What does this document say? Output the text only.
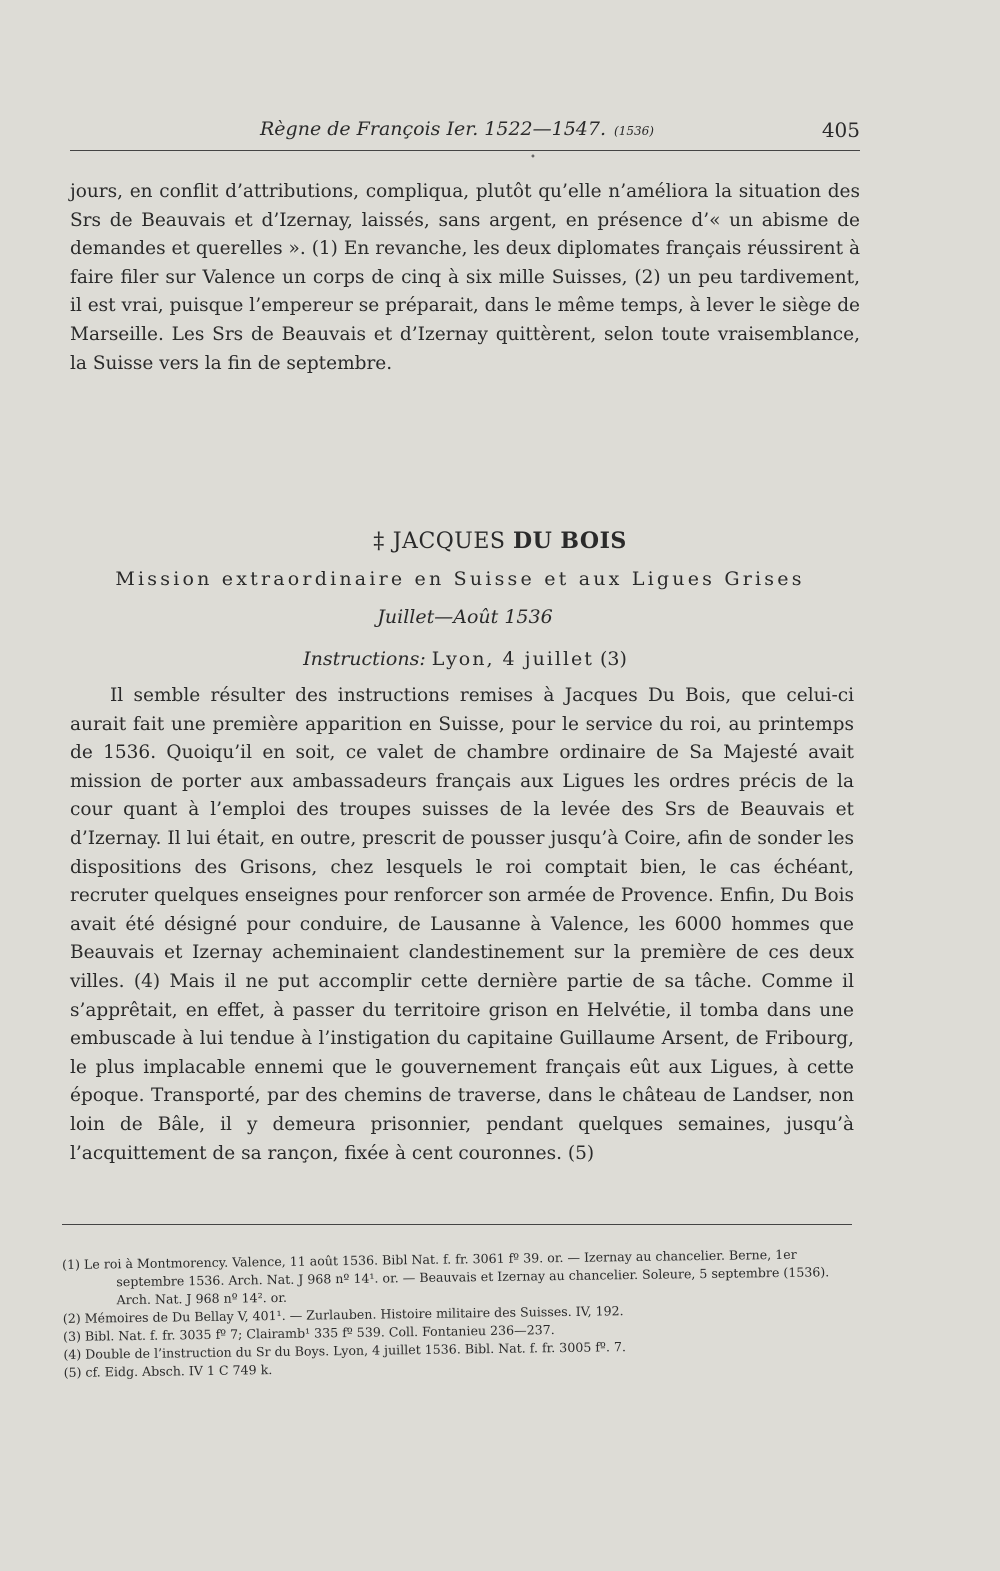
Règne de François Ier. 1522—1547. (1536)	405
•
jours, en conflit d’attributions, compliqua, plutôt qu’elle n’améliora la situation des Srs de Beauvais et d’Izernay, laissés, sans argent, en présence d’« un abisme de demandes et querelles ». (1) En revanche, les deux diplomates français réussirent à faire filer sur Valence un corps de cinq à six mille Suisses, (2) un peu tardivement, il est vrai, puisque l’empereur se préparait, dans le même temps, à lever le siège de Marseille. Les Srs de Beauvais et d’Izernay quittèrent, selon toute vraisemblance, la Suisse vers la fin de septembre.
‡ JACQUES DU BOIS
Mission extraordinaire en Suisse et aux Ligues Grises
Juillet—Août 1536
Instructions: Lyon, 4 juillet (3)
Il semble résulter des instructions remises à Jacques Du Bois, que celui-ci aurait fait une première apparition en Suisse, pour le service du roi, au printemps de 1536. Quoiqu’il en soit, ce valet de chambre ordinaire de Sa Majesté avait mission de porter aux ambassadeurs français aux Ligues les ordres précis de la cour quant à l’emploi des troupes suisses de la levée des Srs de Beauvais et d’Izernay. Il lui était, en outre, prescrit de pousser jusqu’à Coire, afin de sonder les dispositions des Grisons, chez lesquels le roi comptait bien, le cas échéant, recruter quelques enseignes pour renforcer son armée de Provence. Enfin, Du Bois avait été désigné pour conduire, de Lausanne à Valence, les 6000 hommes que Beauvais et Izernay acheminaient clandestinement sur la première de ces deux villes. (4) Mais il ne put accomplir cette dernière partie de sa tâche. Comme il s’apprêtait, en effet, à passer du territoire grison en Helvétie, il tomba dans une embuscade à lui tendue à l’instigation du capitaine Guillaume Arsent, de Fribourg, le plus implacable ennemi que le gouvernement français eût aux Ligues, à cette époque. Transporté, par des chemins de traverse, dans le château de Landser, non loin de Bâle, il y demeura prisonnier, pendant quelques semaines, jusqu’à l’acquittement de sa rançon, fixée à cent couronnes. (5)

(1) Le roi à Montmorency. Valence, 11 août 1536. Bibl Nat. f. fr. 3061 fº 39. or. — Izernay au chancelier. Berne, 1er septembre 1536. Arch. Nat. J 968 nº 14¹. or. — Beauvais et Izernay au chancelier. Soleure, 5 septembre (1536). Arch. Nat. J 968 nº 14². or.

(2) Mémoires de Du Bellay V, 401¹. — Zurlauben. Histoire militaire des Suisses. IV, 192.

(3) Bibl. Nat. f. fr. 3035 fº 7; Clairamb¹ 335 fº 539. Coll. Fontanieu 236—237.

(4) Double de l’instruction du Sr du Boys. Lyon, 4 juillet 1536. Bibl. Nat. f. fr. 3005 fº. 7.

(5) cf. Eidg. Absch. IV 1 C 749 k.
